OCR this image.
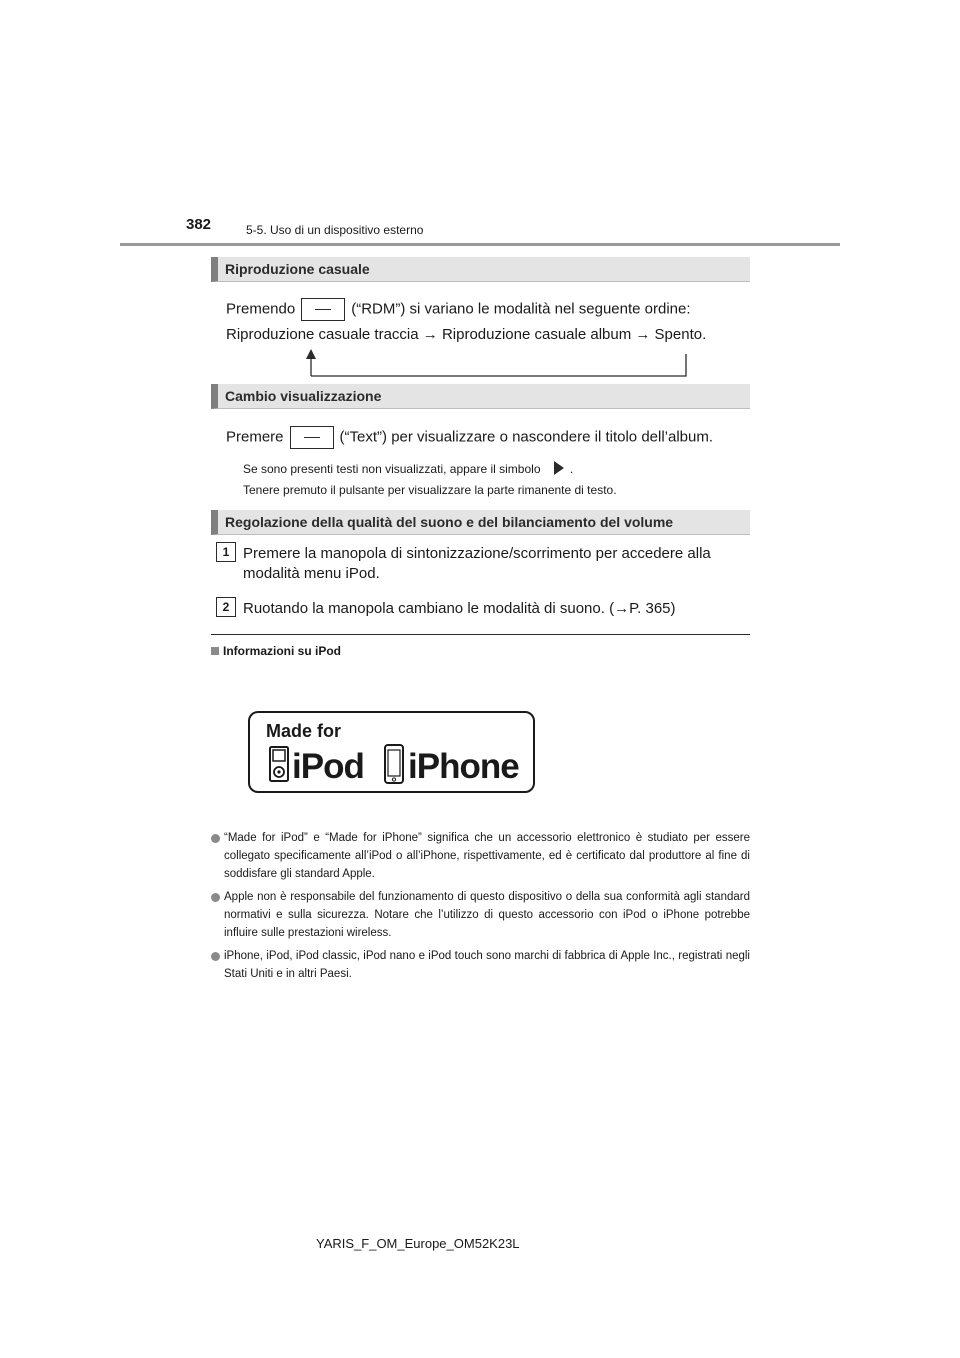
382	5-5. Uso di un dispositivo esterno
Riproduzione casuale
Premendo	(“RDM”) si variano le modalità nel seguente ordine:
Riproduzione casuale traccia → Riproduzione casuale album → Spento.
Cambio visualizzazione
Premere	(“Text”) per visualizzare o nascondere il titolo dell’album.
Se sono presenti testi non visualizzati, appare il simbolo .
Tenere premuto il pulsante per visualizzare la parte rimanente di testo.
Regolazione della qualità del suono e del bilanciamento del volume
1 Premere la manopola di sintonizzazione/scorrimento per accedere alla
modalità menu iPod.
2 Ruotando la manopola cambiano le modalità di suono. (→P. 365)
Informazioni su iPod
Made for
iPod iPhone
“Made for iPod” e “Made for iPhone” significa che un accessorio elettronico è studiato per essere collegato specificamente all’iPod o all’iPhone, rispettivamente, ed è certificato dal produttore al fine di soddisfare gli standard Apple.
Apple non è responsabile del funzionamento di questo dispositivo o della sua conformità agli standard normativi e sulla sicurezza. Notare che l’utilizzo di questo accessorio con iPod o iPhone potrebbe influire sulle prestazioni wireless.
iPhone, iPod, iPod classic, iPod nano e iPod touch sono marchi di fabbrica di Apple Inc., registrati negli Stati Uniti e in altri Paesi.
YARIS_F_OM_Europe_OM52K23L
